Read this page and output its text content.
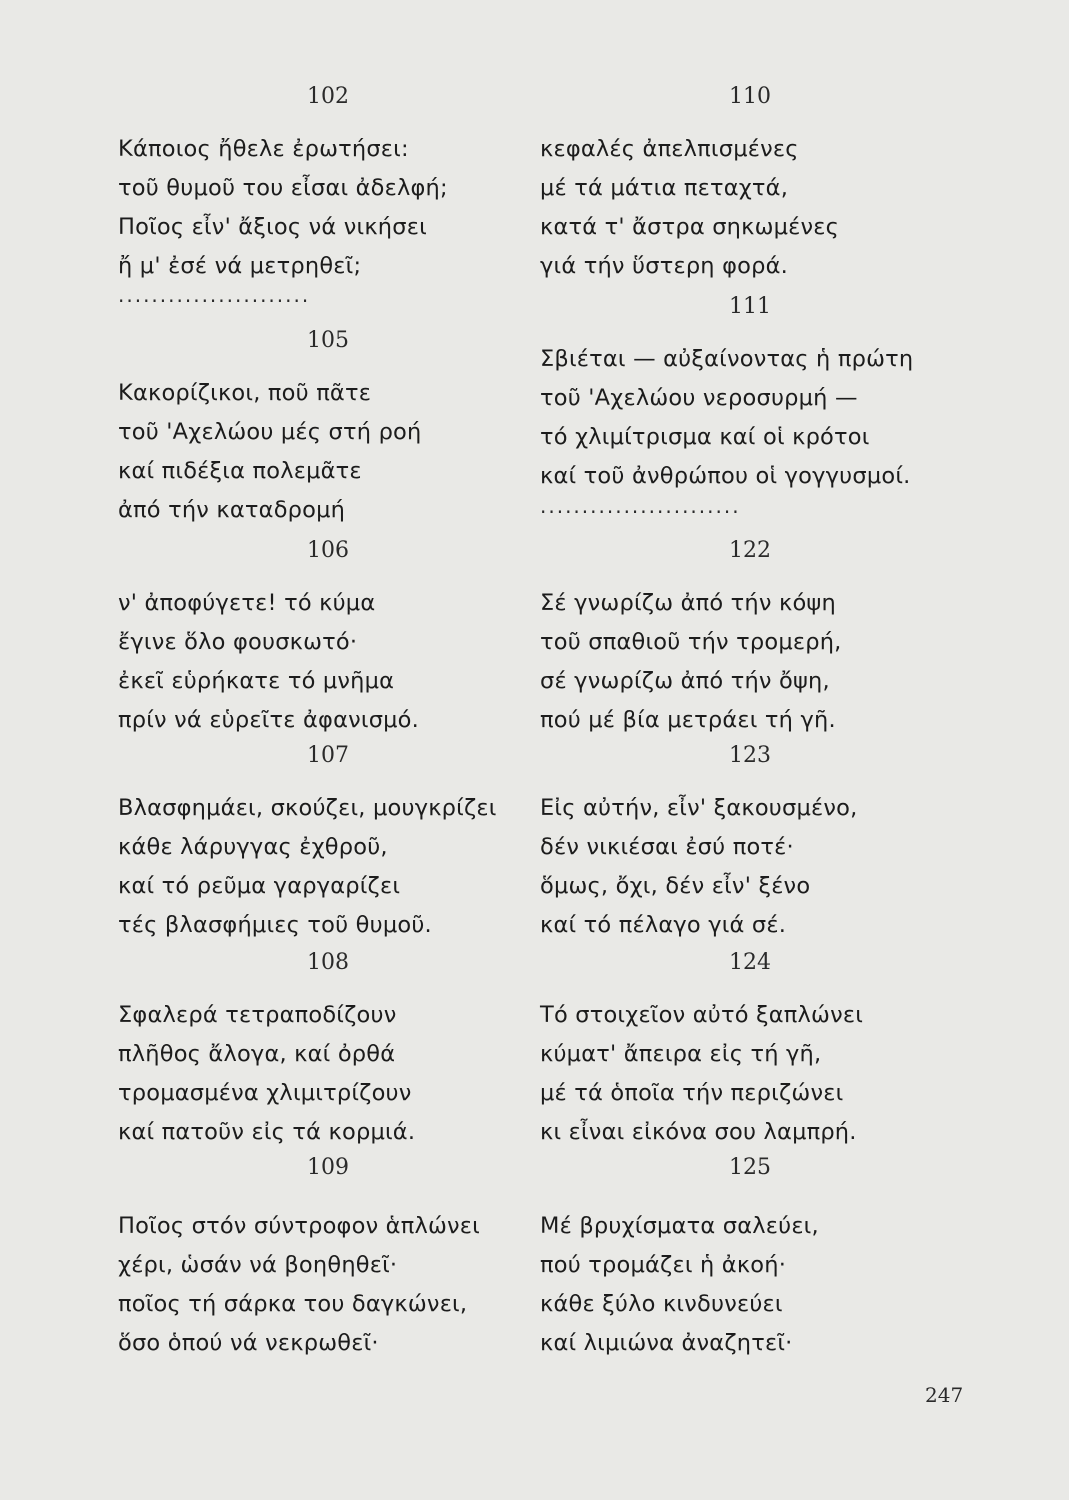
102
Κάποιος ἤθελε ἐρωτήσει:
τοῦ θυμοῦ του εἶσαι ἀδελφή;
Ποῖος εἶν' ἄξιος νά νικήσει
ἤ μ' ἐσέ νά μετρηθεῖ;
.......................
105
Κακορίζικοι, ποῦ πᾶτε
τοῦ 'Αχελώου μές στή ροή
καί πιδέξια πολεμᾶτε
ἀπό τήν καταδρομή
106
ν' ἀποφύγετε! τό κύμα
ἔγινε ὅλο φουσκωτό·
ἐκεῖ εὑρήκατε τό μνῆμα
πρίν νά εὑρεῖτε ἀφανισμό.
107
Βλασφημάει, σκούζει, μουγκρίζει
κάθε λάρυγγας ἐχθροῦ,
καί τό ρεῦμα γαργαρίζει
τές βλασφήμιες τοῦ θυμοῦ.
108
Σφαλερά τετραποδίζουν
πλῆθος ἄλογα, καί ὀρθά
τρομασμένα χλιμιτρίζουν
καί πατοῦν εἰς τά κορμιά.
109
Ποῖος στόν σύντροφον ἁπλώνει
χέρι, ὡσάν νά βοηθηθεῖ·
ποῖος τή σάρκα του δαγκώνει,
ὅσο ὁπού νά νεκρωθεῖ·
110
κεφαλές ἀπελπισμένες
μέ τά μάτια πεταχτά,
κατά τ' ἄστρα σηκωμένες
γιά τήν ὕστερη φορά.
111
Σβιέται — αὐξαίνοντας ἡ πρώτη
τοῦ 'Αχελώου νεροσυρμή —
τό χλιμίτρισμα καί οἱ κρότοι
καί τοῦ ἀνθρώπου οἱ γογγυσμοί.
........................
122
Σέ γνωρίζω ἀπό τήν κόψη
τοῦ σπαθιοῦ τήν τρομερή,
σέ γνωρίζω ἀπό τήν ὄψη,
πού μέ βία μετράει τή γῆ.
123
Εἰς αὐτήν, εἶν' ξακουσμένο,
δέν νικιέσαι ἐσύ ποτέ·
ὅμως, ὄχι, δέν εἶν' ξένο
καί τό πέλαγο γιά σέ.
124
Τό στοιχεῖον αὐτό ξαπλώνει
κύματ' ἄπειρα εἰς τή γῆ,
μέ τά ὁποῖα τήν περιζώνει
κι εἶναι εἰκόνα σου λαμπρή.
125
Μέ βρυχίσματα σαλεύει,
πού τρομάζει ἡ ἀκοή·
κάθε ξύλο κινδυνεύει
καί λιμιώνα ἀναζητεῖ·
247
